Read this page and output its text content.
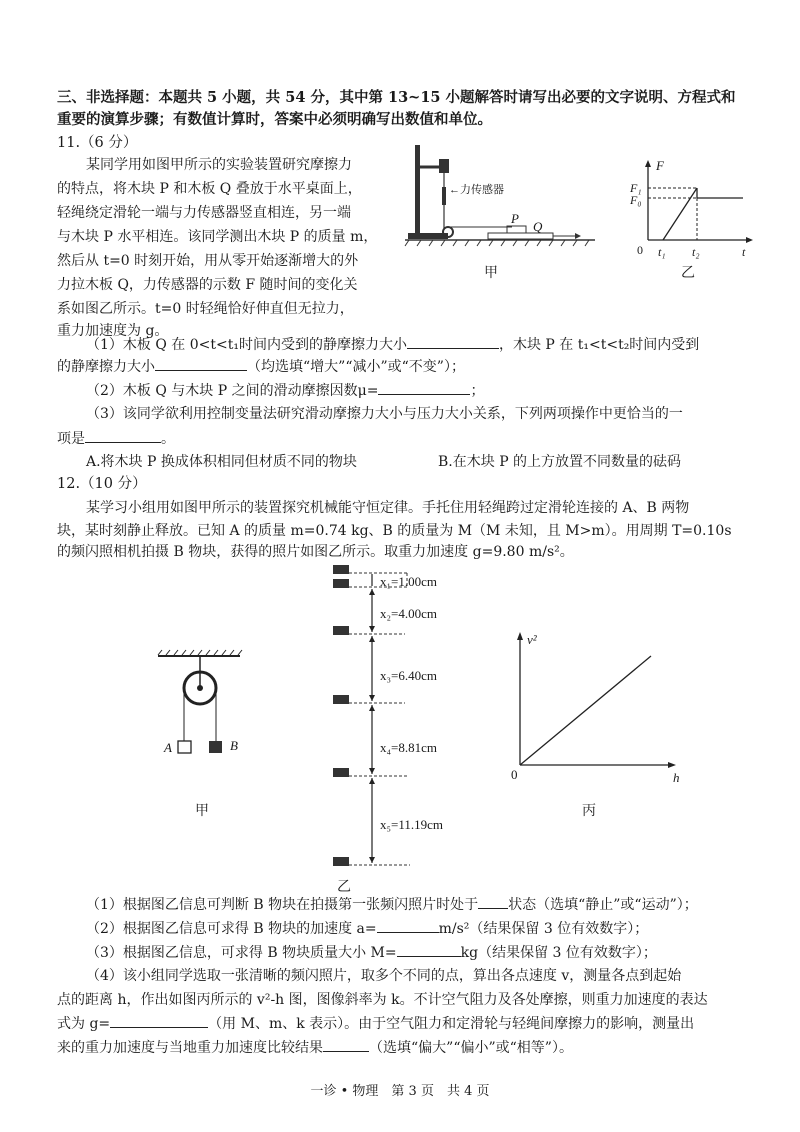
三、非选择题：本题共 5 小题，共 54 分，其中第 13~15 小题解答时请写出必要的文字说明、方程式和
重要的演算步骤；有数值计算时，答案中必须明确写出数值和单位。
11.（6 分）
某同学用如图甲所示的实验装置研究摩擦力
的特点，将木块 P 和木板 Q 叠放于水平桌面上，
轻绳绕定滑轮一端与力传感器竖直相连，另一端
与木块 P 水平相连。该同学测出木块 P 的质量 m，
然后从 t=0 时刻开始，用从零开始逐渐增大的外
力拉木板 Q，力传感器的示数 F 随时间的变化关
系如图乙所示。t=0 时轻绳恰好伸直但无拉力，
重力加速度为 g。
←力传感器
P
Q
甲
F
F₁
F₀
0 t₁ t₂	t
乙
（1）木板 Q 在 0<t<t₁时间内受到的静摩擦力大小	，木块 P 在 t₁<t<t₂时间内受到
的静摩擦力大小	（均选填“增大”“减小”或“不变”）；
（2）木板 Q 与木块 P 之间的滑动摩擦因数μ=	；
（3）该同学欲利用控制变量法研究滑动摩擦力大小与压力大小关系，下列两项操作中更恰当的一
项是	。
A.将木块 P 换成体积相同但材质不同的物块	B.在木块 P 的上方放置不同数量的砝码
12.（10 分）
某学习小组用如图甲所示的装置探究机械能守恒定律。手托住用轻绳跨过定滑轮连接的 A、B 两物
块，某时刻静止释放。已知 A 的质量 m=0.74 kg、B 的质量为 M（M 未知，且 M>m）。用周期 T=0.10s
的频闪照相机拍摄 B 物块，获得的照片如图乙所示。取重力加速度 g=9.80 m/s²。
A	B
甲
x₁=1.00cm
x₂=4.00cm
x₃=6.40cm
x₄=8.81cm
x₅=11.19cm
乙
v²
h
0
丙
（1）根据图乙信息可判断 B 物块在拍摄第一张频闪照片时处于 状态（选填“静止”或“运动”）；
（2）根据图乙信息可求得 B 物块的加速度 a=	m/s²（结果保留 3 位有效数字）；
（3）根据图乙信息，可求得 B 物块质量大小 M=	kg（结果保留 3 位有效数字）；
（4）该小组同学选取一张清晰的频闪照片，取多个不同的点，算出各点速度 v，测量各点到起始
点的距离 h，作出如图丙所示的 v²-h 图，图像斜率为 k。不计空气阻力及各处摩擦，则重力加速度的表达
式为 g=	（用 M、m、k 表示）。由于空气阻力和定滑轮与轻绳间摩擦力的影响，测量出
来的重力加速度与当地重力加速度比较结果	（选填“偏大”“偏小”或“相等”）。
一诊 • 物理　第 3 页　共 4 页
